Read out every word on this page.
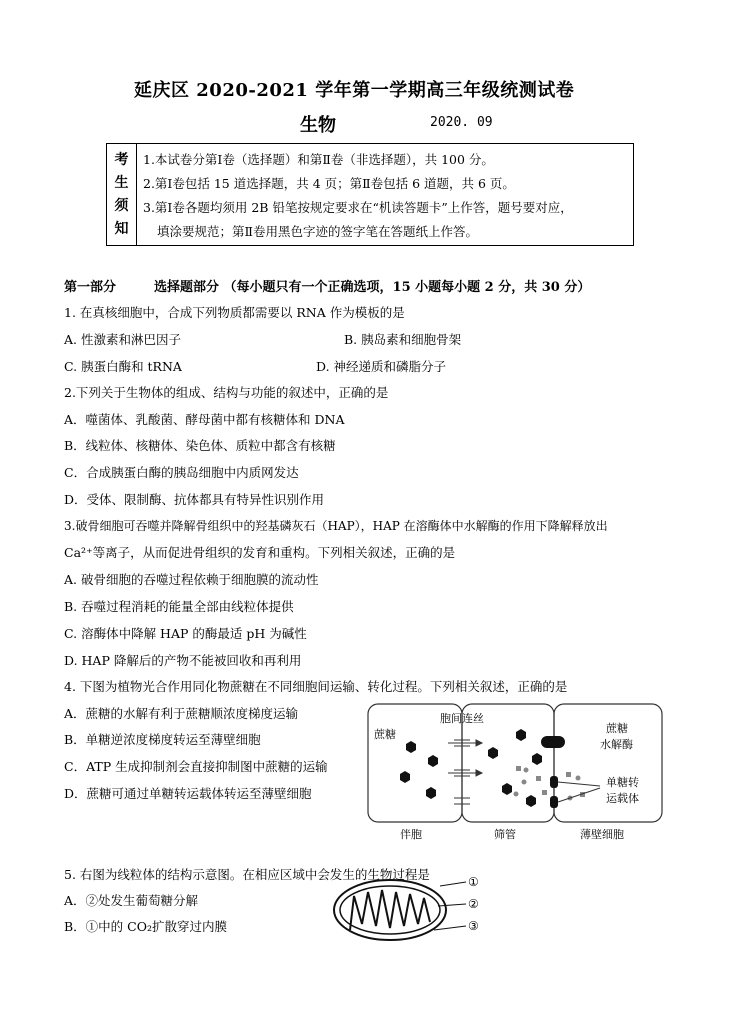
延庆区 2020-2021 学年第一学期高三年级统测试卷
生物	2020. 09
考
生
须
知
1.本试卷分第Ⅰ卷（选择题）和第Ⅱ卷（非选择题），共 100 分。
2.第Ⅰ卷包括 15 道选择题，共 4 页；第Ⅱ卷包括 6 道题，共 6 页。
3.第Ⅰ卷各题均须用 2B 铅笔按规定要求在“机读答题卡”上作答，题号要对应，
填涂要规范；第Ⅱ卷用黑色字迹的签字笔在答题纸上作答。
第一部分	选择题部分 （每小题只有一个正确选项，15 小题每小题 2 分，共 30 分）
1. 在真核细胞中，合成下列物质都需要以 RNA 作为模板的是
A. 性激素和淋巴因子	B. 胰岛素和细胞骨架
C. 胰蛋白酶和 tRNA	D. 神经递质和磷脂分子
2.下列关于生物体的组成、结构与功能的叙述中，正确的是
A．噬菌体、乳酸菌、酵母菌中都有核糖体和 DNA
B．线粒体、核糖体、染色体、质粒中都含有核糖
C．合成胰蛋白酶的胰岛细胞中内质网发达
D．受体、限制酶、抗体都具有特异性识别作用
3.破骨细胞可吞噬并降解骨组织中的羟基磷灰石（HAP），HAP 在溶酶体中水解酶的作用下降解释放出
Ca²⁺等离子，从而促进骨组织的发育和重构。下列相关叙述，正确的是
A. 破骨细胞的吞噬过程依赖于细胞膜的流动性
B. 吞噬过程消耗的能量全部由线粒体提供
C. 溶酶体中降解 HAP 的酶最适 pH 为碱性
D. HAP 降解后的产物不能被回收和再利用
4. 下图为植物光合作用同化物蔗糖在不同细胞间运输、转化过程。下列相关叙述，正确的是
A．蔗糖的水解有利于蔗糖顺浓度梯度运输
B．单糖逆浓度梯度转运至薄壁细胞
C．ATP 生成抑制剂会直接抑制图中蔗糖的运输
D．蔗糖可通过单糖转运载体转运至薄壁细胞
蔗糖
胞间连丝
蔗糖
水解酶
单糖转
运载体
伴胞	筛管	薄壁细胞
5. 右图为线粒体的结构示意图。在相应区域中会发生的生物过程是
A．②处发生葡萄糖分解
B．①中的 CO₂扩散穿过内膜
①
②
③
